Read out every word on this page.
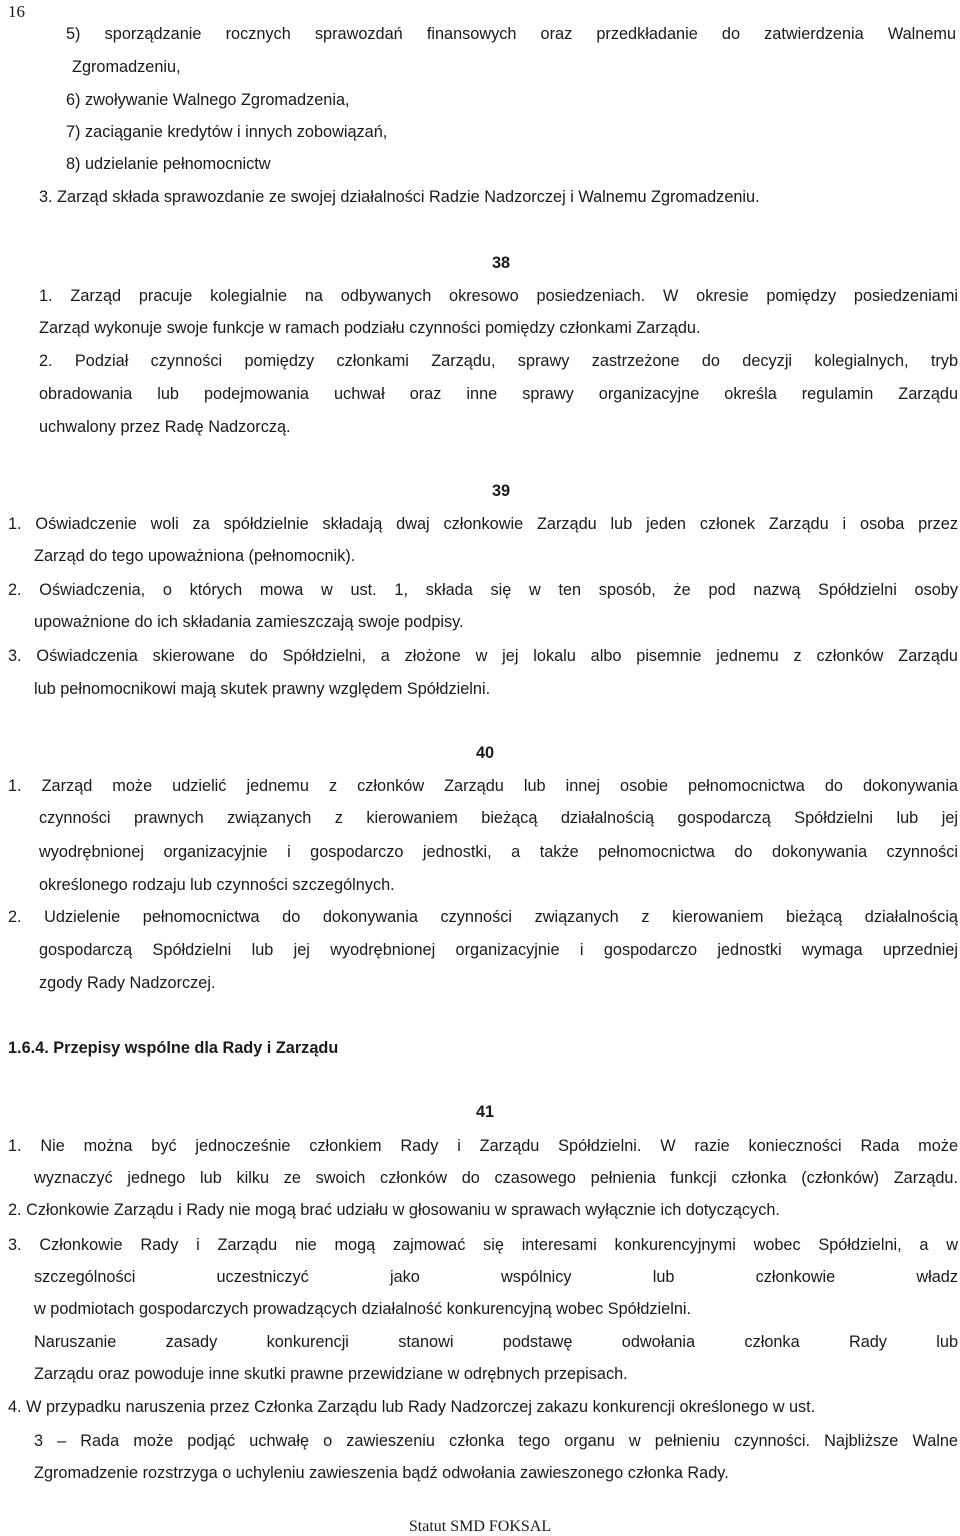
16
5) sporządzanie rocznych sprawozdań finansowych oraz przedkładanie do zatwierdzenia Walnemu
Zgromadzeniu,
6) zwoływanie Walnego Zgromadzenia,
7) zaciąganie kredytów i innych zobowiązań,
8) udzielanie pełnomocnictw
3. Zarząd składa sprawozdanie ze swojej działalności Radzie Nadzorczej i Walnemu Zgromadzeniu.
1. Zarząd pracuje kolegialnie na odbywanych okresowo posiedzeniach. W okresie pomiędzy posiedzeniami
Zarząd wykonuje swoje funkcje w ramach podziału czynności pomiędzy członkami Zarządu.
2. Podział czynności pomiędzy członkami Zarządu, sprawy zastrzeżone do decyzji kolegialnych, tryb
obradowania lub podejmowania uchwał oraz inne sprawy organizacyjne określa regulamin Zarządu
uchwalony przez Radę Nadzorczą.
1. Oświadczenie woli za spółdzielnie składają dwaj członkowie Zarządu lub jeden członek Zarządu i osoba przez
Zarząd do tego upoważniona (pełnomocnik).
2. Oświadczenia, o których mowa w ust. 1, składa się w ten sposób, że pod nazwą Spółdzielni osoby
upoważnione do ich składania zamieszczają swoje podpisy.
3. Oświadczenia skierowane do Spółdzielni, a złożone w jej lokalu albo pisemnie jednemu z członków Zarządu
lub pełnomocnikowi mają skutek prawny względem Spółdzielni.
1. Zarząd może udzielić jednemu z członków Zarządu lub innej osobie pełnomocnictwa do dokonywania
czynności prawnych związanych z kierowaniem bieżącą działalnością gospodarczą Spółdzielni lub jej
wyodrębnionej organizacyjnie i gospodarczo jednostki, a także pełnomocnictwa do dokonywania czynności
określonego rodzaju lub czynności szczególnych.
2. Udzielenie pełnomocnictwa do dokonywania czynności związanych z kierowaniem bieżącą działalnością
gospodarczą Spółdzielni lub jej wyodrębnionej organizacyjnie i gospodarczo jednostki wymaga uprzedniej
zgody Rady Nadzorczej.
1. Nie można być jednocześnie członkiem Rady i Zarządu Spółdzielni. W razie konieczności Rada może
wyznaczyć jednego lub kilku ze swoich członków do czasowego pełnienia funkcji członka (członków) Zarządu.
2. Członkowie Zarządu i Rady nie mogą brać udziału w głosowaniu w sprawach wyłącznie ich dotyczących.
3. Członkowie Rady i Zarządu nie mogą zajmować się interesami konkurencyjnymi wobec Spółdzielni, a w
szczególności uczestniczyć jako wspólnicy lub członkowie władz
w podmiotach gospodarczych prowadzących działalność konkurencyjną wobec Spółdzielni.
Naruszanie zasady konkurencji stanowi podstawę odwołania członka Rady lub
Zarządu oraz powoduje inne skutki prawne przewidziane w odrębnych przepisach.
4. W przypadku naruszenia przez Członka Zarządu lub Rady Nadzorczej zakazu konkurencji określonego w ust.
3 – Rada może podjąć uchwałę o zawieszeniu członka tego organu w pełnieniu czynności. Najbliższe Walne
Zgromadzenie rozstrzyga o uchyleniu zawieszenia bądź odwołania zawieszonego członka Rady.
38
39
40
1.6.4. Przepisy wspólne dla Rady i Zarządu
41
Statut SMD FOKSAL
